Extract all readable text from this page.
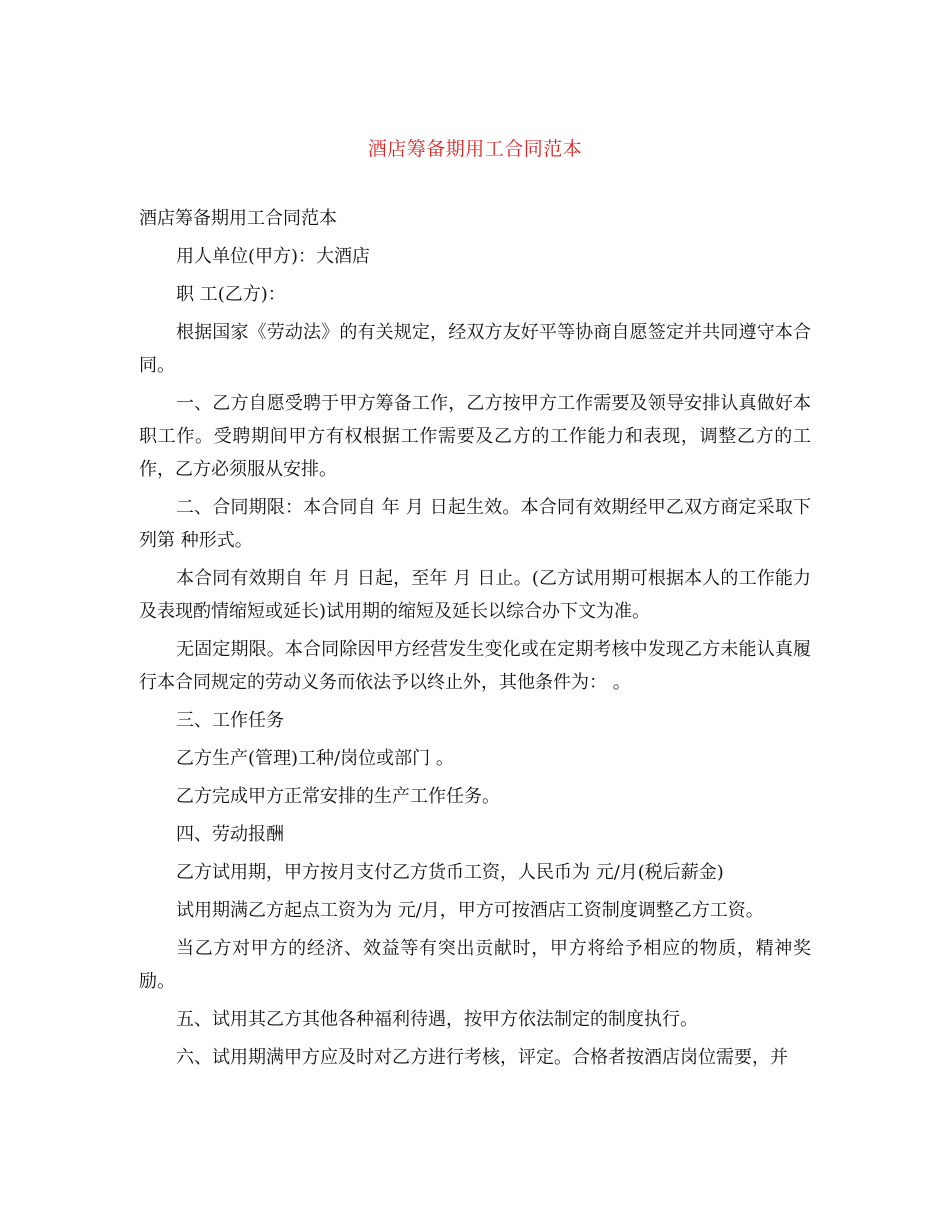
酒店筹备期用工合同范本

酒店筹备期用工合同范本

用人单位(甲方)：大酒店

职 工(乙方)：

根据国家《劳动法》的有关规定，经双方友好平等协商自愿签定并共同遵守本合同。

一、乙方自愿受聘于甲方筹备工作，乙方按甲方工作需要及领导安排认真做好本职工作。受聘期间甲方有权根据工作需要及乙方的工作能力和表现，调整乙方的工作，乙方必须服从安排。

二、合同期限：本合同自 年 月 日起生效。本合同有效期经甲乙双方商定采取下列第 种形式。

本合同有效期自 年 月 日起，至年 月 日止。(乙方试用期可根据本人的工作能力及表现酌情缩短或延长)试用期的缩短及延长以综合办下文为准。

无固定期限。本合同除因甲方经营发生变化或在定期考核中发现乙方未能认真履行本合同规定的劳动义务而依法予以终止外，其他条件为： 。

三、工作任务

乙方生产(管理)工种/岗位或部门 。

乙方完成甲方正常安排的生产工作任务。

四、劳动报酬

乙方试用期，甲方按月支付乙方货币工资，人民币为 元/月(税后薪金)

试用期满乙方起点工资为为 元/月，甲方可按酒店工资制度调整乙方工资。

当乙方对甲方的经济、效益等有突出贡献时，甲方将给予相应的物质，精神奖励。

五、试用其乙方其他各种福利待遇，按甲方依法制定的制度执行。

六、试用期满甲方应及时对乙方进行考核，评定。合格者按酒店岗位需要，并
